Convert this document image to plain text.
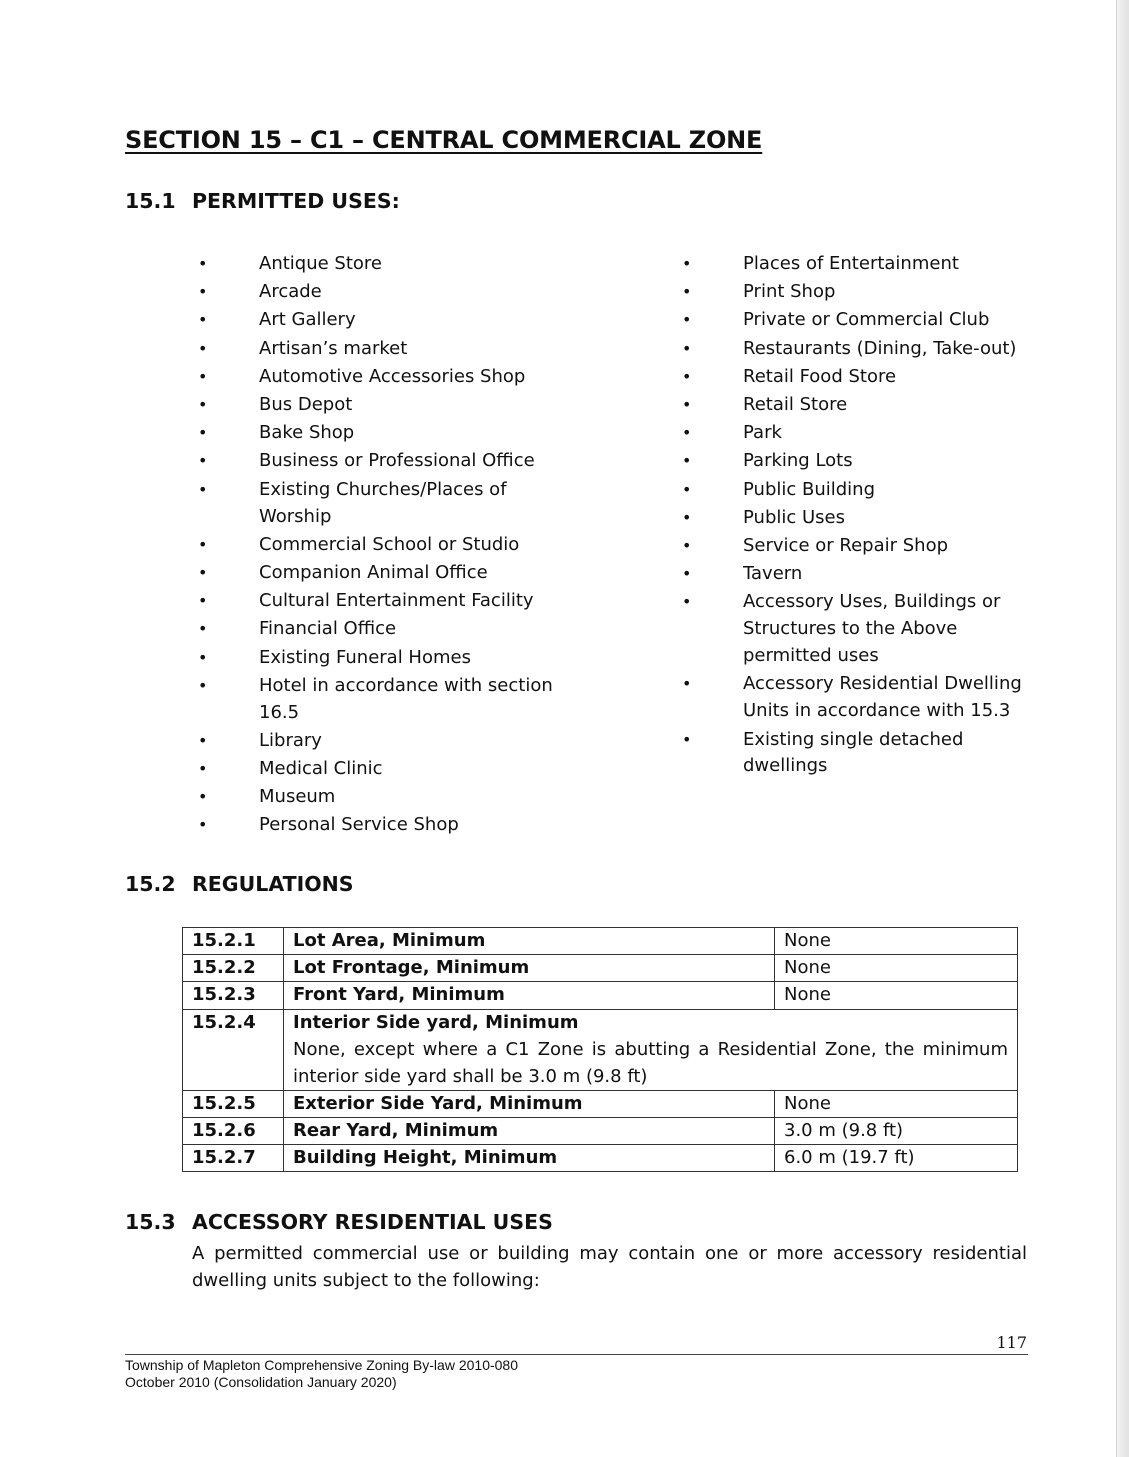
SECTION 15 – C1 – CENTRAL COMMERCIAL ZONE
15.1 PERMITTED USES:
•	Antique Store
•	Arcade
•	Art Gallery
•	Artisan’s market
•	Automotive Accessories Shop
•	Bus Depot
•	Bake Shop
•	Business or Professional Office
•	Existing Churches/Places of Worship
•	Commercial School or Studio
•	Companion Animal Office
•	Cultural Entertainment Facility
•	Financial Office
•	Existing Funeral Homes
•	Hotel in accordance with section 16.5
•	Library
•	Medical Clinic
•	Museum
•	Personal Service Shop
•	Places of Entertainment
•	Print Shop
•	Private or Commercial Club
•	Restaurants (Dining, Take-out)
•	Retail Food Store
•	Retail Store
•	Park
•	Parking Lots
•	Public Building
•	Public Uses
•	Service or Repair Shop
•	Tavern
•	Accessory Uses, Buildings or Structures to the Above permitted uses
•	Accessory Residential Dwelling Units in accordance with 15.3
•	Existing single detached dwellings
15.2 REGULATIONS
15.2.1	Lot Area, Minimum	None
15.2.2	Lot Frontage, Minimum	None
15.2.3	Front Yard, Minimum	None
15.2.4	Interior Side yard, Minimum
None, except where a C1 Zone is abutting a Residential Zone, the minimum interior side yard shall be 3.0 m (9.8 ft)	

15.2.5	Exterior Side Yard, Minimum	None
15.2.6	Rear Yard, Minimum	3.0 m (9.8 ft)
15.2.7	Building Height, Minimum	6.0 m (19.7 ft)
15.3 ACCESSORY RESIDENTIAL USES
A permitted commercial use or building may contain one or more accessory residential dwelling units subject to the following:
117
Township of Mapleton Comprehensive Zoning By-law 2010-080
October 2010 (Consolidation January 2020)
